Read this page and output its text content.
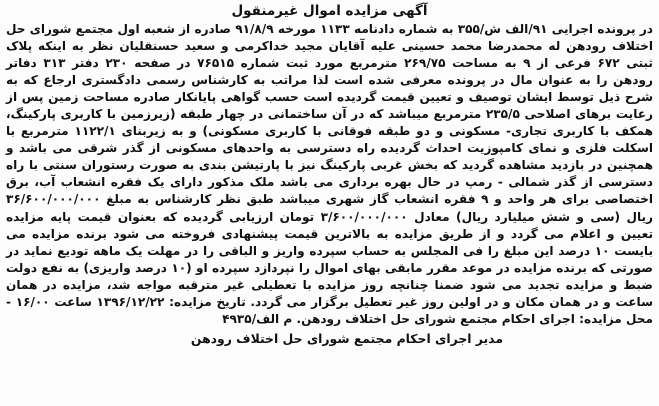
آگهی مزایده اموال غیرمنقول

در پرونده اجرایی ۹۱/الف ش/۳۵۵ به شماره دادنامه ۱۱۳۳ مورخه ۹۱/۸/۹ صادره از شعبه اول مجتمع شورای حل اختلاف رودهن له محمدرضا محمد حسینی علیه آقایان مجید خداکرمی و سعید حسنقلیان نظر به اینکه پلاک ثبتی ۶۷۲ فرعی از ۹ به مساحت ۲۶۹/۷۵ مترمربع مورد ثبت شماره ۷۶۵۱۵ در صفحه ۲۳۰ دفتر ۳۱۳ دفاتر رودهن را به عنوان مال در پرونده معرفی شده است لذا مراتب به کارشناس رسمی دادگستری ارجاع که به شرح ذیل توسط ایشان توصیف و تعیین قیمت گردیده است حسب گواهی پایانکار صادره مساحت زمین پس از رعایت برهای اصلاحی ۲۳۵/۵ مترمربع میباشد که در آن ساختمانی در چهار طبقه (زیرزمین با کاربری پارکینگ، همکف با کاربری تجاری- مسکونی و دو طبقه فوقانی با کاربری مسکونی) و به زیربنای ۱۱۲۲/۱ مترمربع با اسکلت فلزی و نمای کامپوزیت احداث گردیده راه دسترسی به واحدهای مسکونی از گذر شرقی می باشد و همچنین در بازدید مشاهده گردید که بخش غربی پارکینگ نیز با پارتیشن بندی به صورت رستوران سنتی با راه دسترسی از گذر شمالی - رمپ در حال بهره برداری می باشد ملک مذکور دارای یک فقره انشعاب آب، برق اختصاصی برای هر واحد و ۹ فقره انشعاب گاز شهری میباشد طبق نظر کارشناس به مبلغ ۳۶/۶۰۰/۰۰۰/۰۰۰ ریال (سی و شش میلیارد ریال) معادل ۳/۶۰۰/۰۰۰/۰۰۰ تومان ارزیابی گردیده که بعنوان قیمت پایه مزایده تعیین و اعلام می گردد و از طریق مزایده به بالاترین قیمت پیشنهادی فروخته می شود برنده مزایده می بایست ۱۰ درصد این مبلغ را فی المجلس به حساب سپرده واریز و الباقی را در مهلت یک ماهه تودیع نماید در صورتی که برنده مزایده در موعد مقرر مابقی بهای اموال را نپردازد سپرده او (۱۰ درصد واریزی) به نفع دولت ضبط و مزایده تجدید می شود ضمنا چنانچه روز مزایده با تعطیلی غیر مترقبه مواجه شد، مزایده در همان ساعت و در همان مکان و در اولین روز غیر تعطیل برگزار می گردد. تاریخ مزایده: ۱۳۹۶/۱۲/۲۲ ساعت ۱۶/۰۰ - محل مزایده: اجرای احکام مجتمع شورای حل اختلاف رودهن. م الف/۴۹۳۵

مدیر اجرای احکام مجتمع شورای حل اختلاف رودهن
